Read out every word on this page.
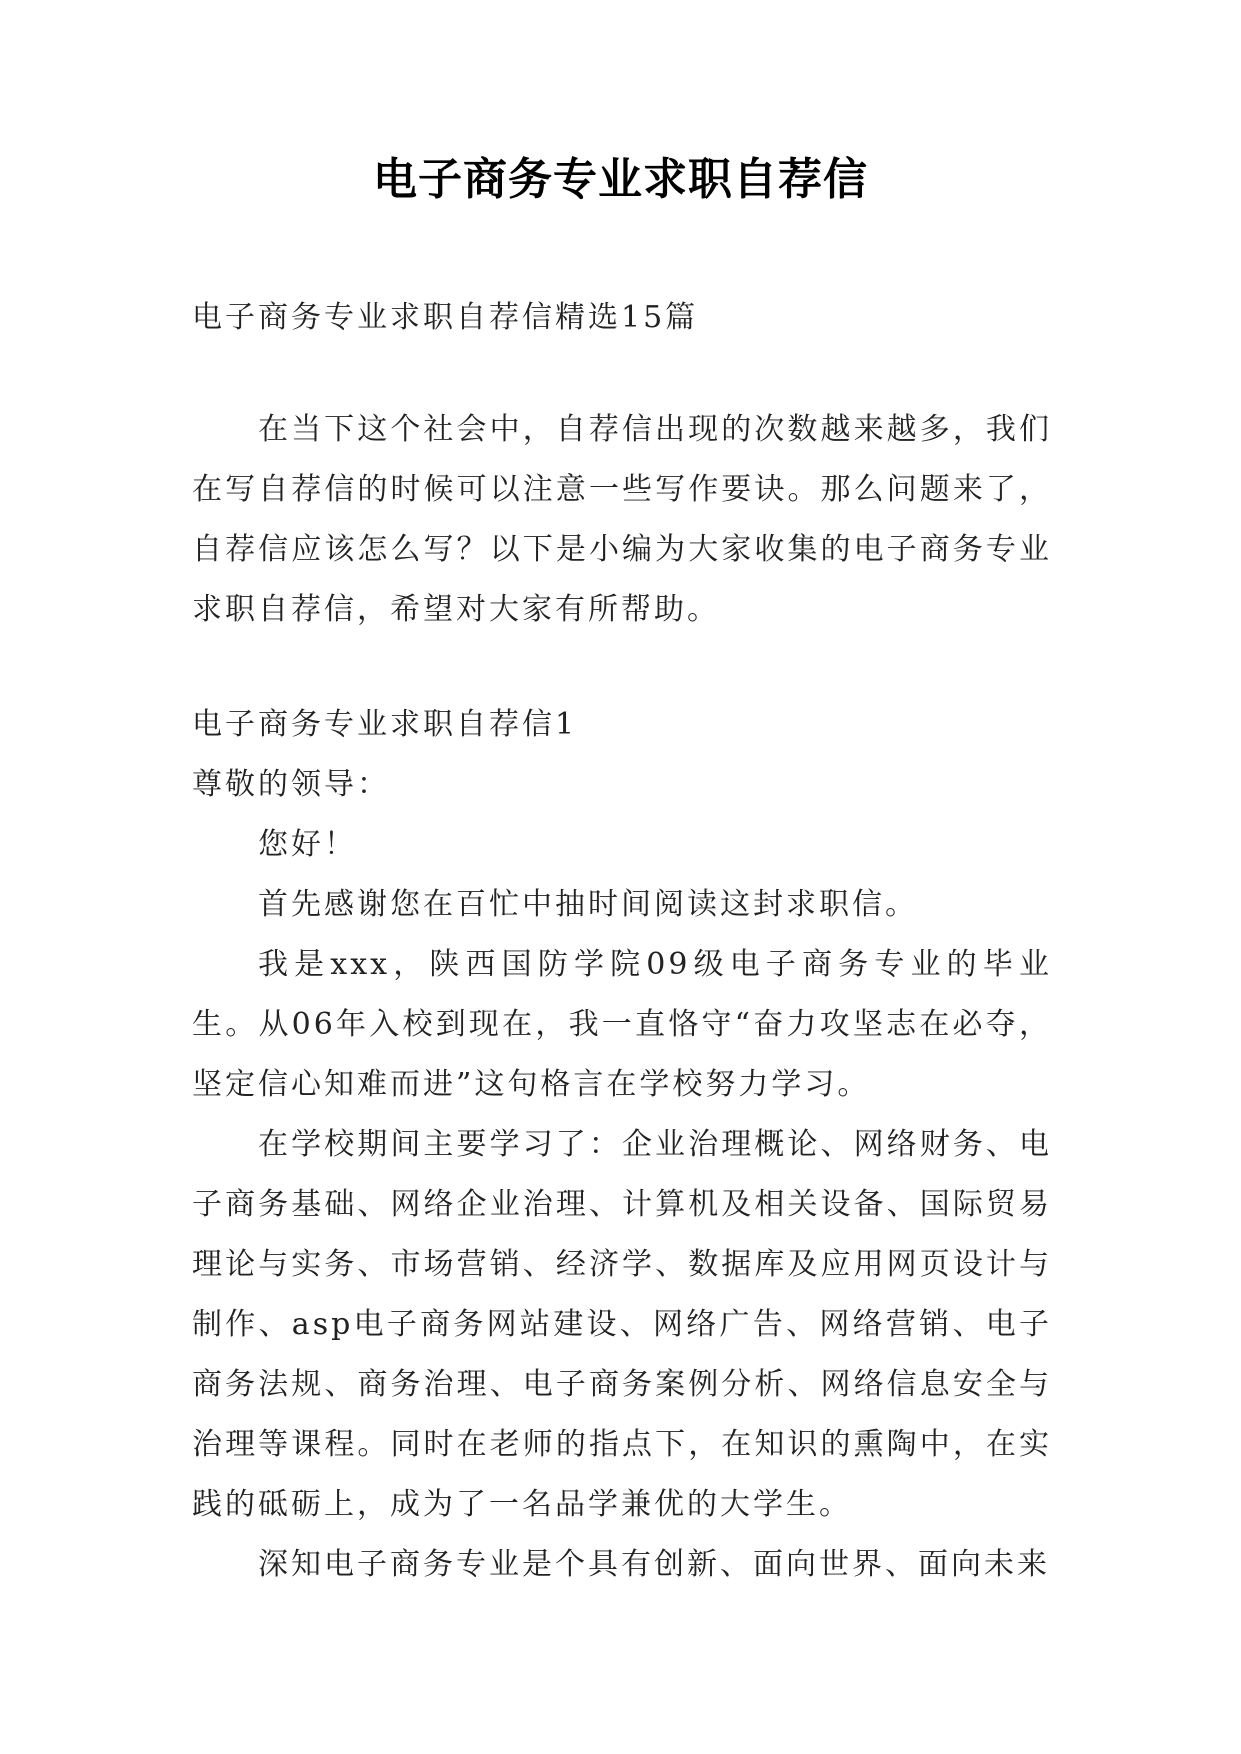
电子商务专业求职自荐信
电子商务专业求职自荐信精选15篇

在当下这个社会中，自荐信出现的次数越来越多，我们在写自荐信的时候可以注意一些写作要诀。那么问题来了，自荐信应该怎么写？以下是小编为大家收集的电子商务专业求职自荐信，希望对大家有所帮助。

电子商务专业求职自荐信1

尊敬的领导：

您好！

首先感谢您在百忙中抽时间阅读这封求职信。

我是xxx，陕西国防学院09级电子商务专业的毕业生。从06年入校到现在，我一直恪守“奋力攻坚志在必夺，坚定信心知难而进”这句格言在学校努力学习。

在学校期间主要学习了：企业治理概论、网络财务、电子商务基础、网络企业治理、计算机及相关设备、国际贸易理论与实务、市场营销、经济学、数据库及应用网页设计与制作、asp电子商务网站建设、网络广告、网络营销、电子商务法规、商务治理、电子商务案例分析、网络信息安全与治理等课程。同时在老师的指点下，在知识的熏陶中，在实践的砥砺上，成为了一名品学兼优的大学生。

深知电子商务专业是个具有创新、面向世界、面向未来
